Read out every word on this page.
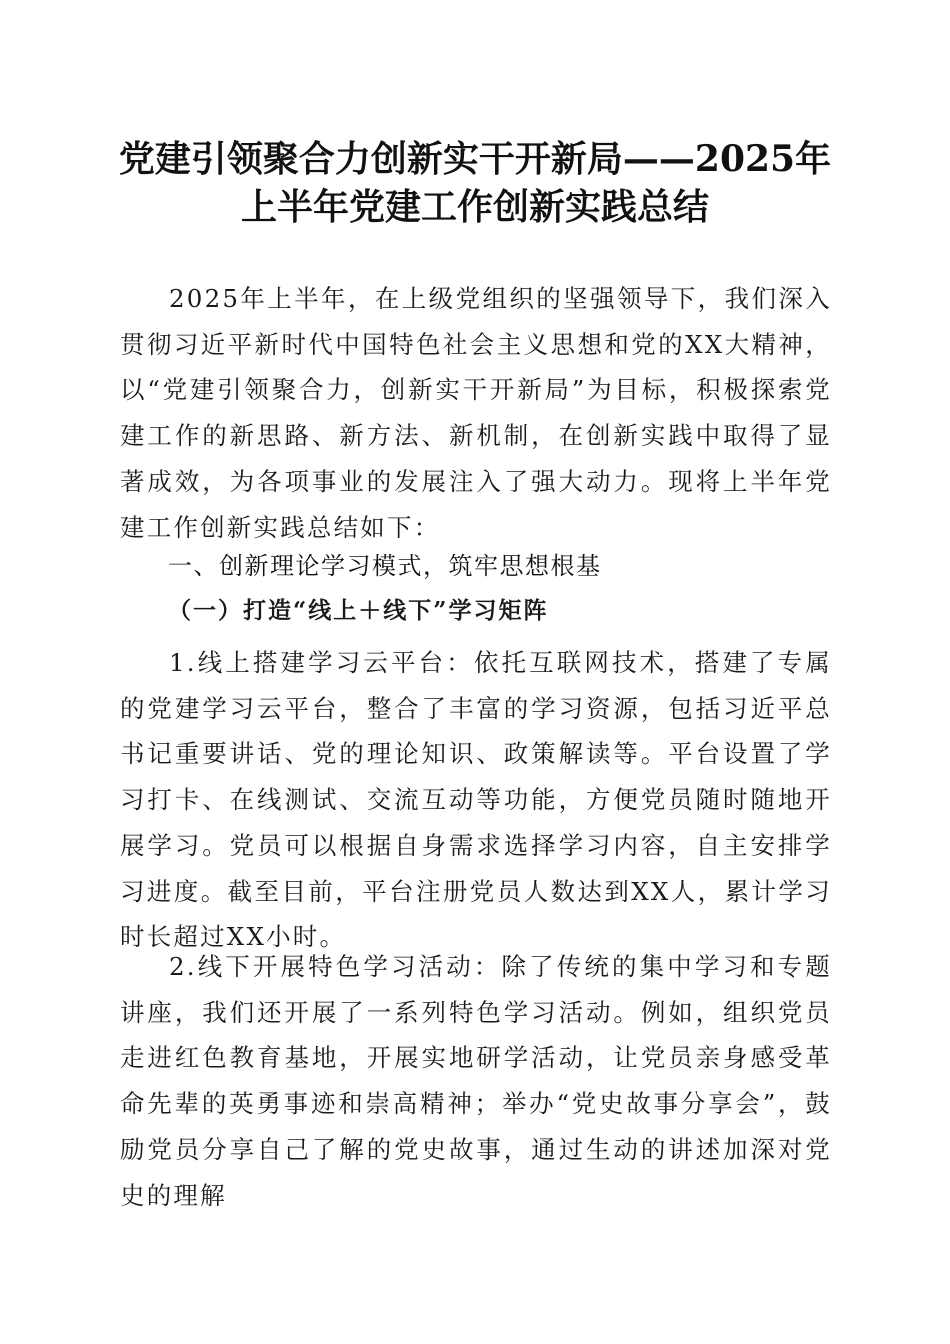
党建引领聚合力创新实干开新局——2025年
上半年党建工作创新实践总结

2025年上半年，在上级党组织的坚强领导下，我们深入贯彻习近平新时代中国特色社会主义思想和党的XX大精神，以“党建引领聚合力，创新实干开新局”为目标，积极探索党建工作的新思路、新方法、新机制，在创新实践中取得了显著成效，为各项事业的发展注入了强大动力。现将上半年党建工作创新实践总结如下：

一、创新理论学习模式，筑牢思想根基

（一）打造“线上＋线下”学习矩阵

1.线上搭建学习云平台：依托互联网技术，搭建了专属的党建学习云平台，整合了丰富的学习资源，包括习近平总书记重要讲话、党的理论知识、政策解读等。平台设置了学习打卡、在线测试、交流互动等功能，方便党员随时随地开展学习。党员可以根据自身需求选择学习内容，自主安排学习进度。截至目前，平台注册党员人数达到XX人，累计学习时长超过XX小时。

2.线下开展特色学习活动：除了传统的集中学习和专题讲座，我们还开展了一系列特色学习活动。例如，组织党员走进红色教育基地，开展实地研学活动，让党员亲身感受革命先辈的英勇事迹和崇高精神；举办“党史故事分享会”，鼓励党员分享自己了解的党史故事，通过生动的讲述加深对党史的理解
